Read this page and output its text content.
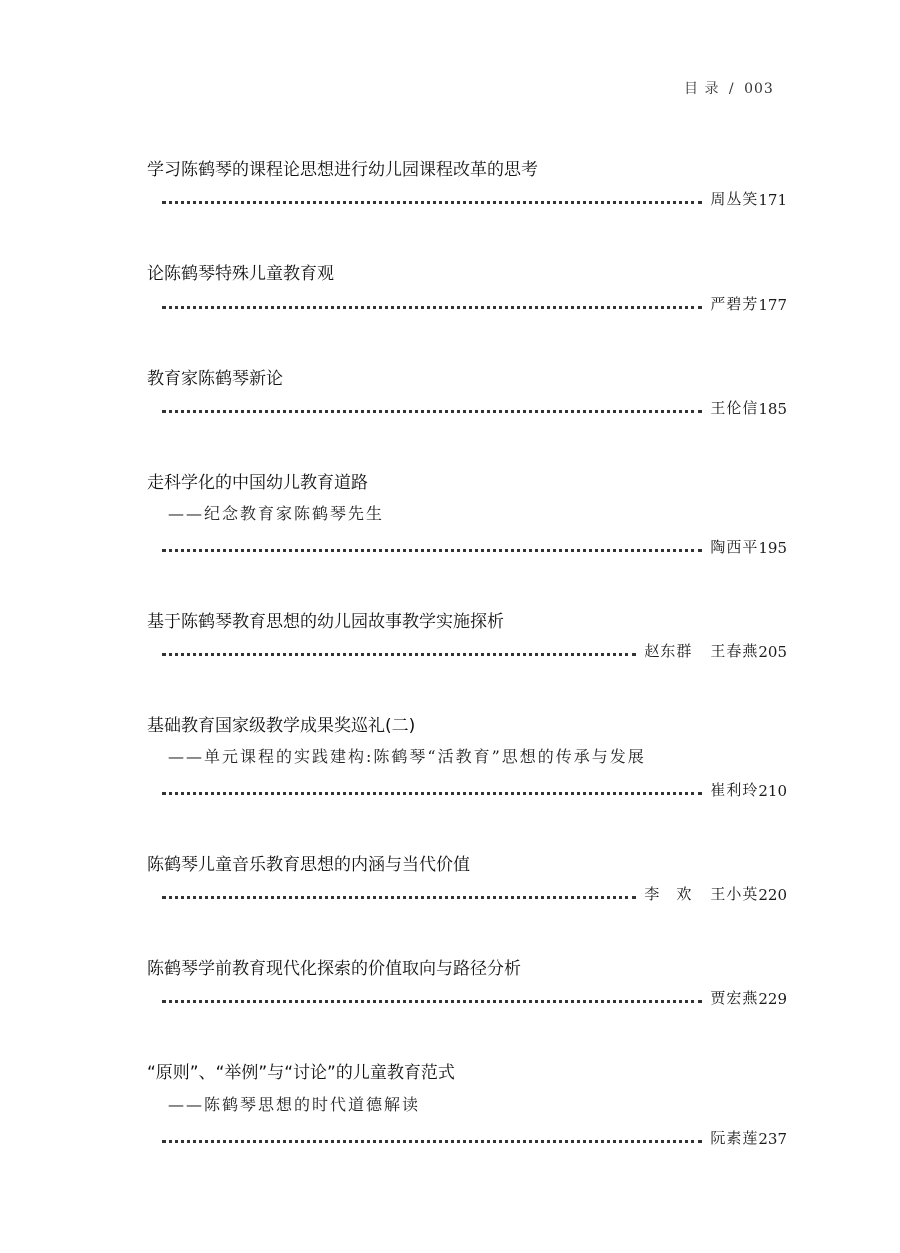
目 录 / 003
学习陈鹤琴的课程论思想进行幼儿园课程改革的思考
周丛笑 171
论陈鹤琴特殊儿童教育观
严碧芳 177
教育家陈鹤琴新论
王伦信 185
走科学化的中国幼儿教育道路
——纪念教育家陈鹤琴先生
陶西平 195
基于陈鹤琴教育思想的幼儿园故事教学实施探析
赵东群 王春燕 205
基础教育国家级教学成果奖巡礼(二)
——单元课程的实践建构:陈鹤琴“活教育”思想的传承与发展
崔利玲 210
陈鹤琴儿童音乐教育思想的内涵与当代价值
李　欢 王小英 220
陈鹤琴学前教育现代化探索的价值取向与路径分析
贾宏燕 229
“原则”、“举例”与“讨论”的儿童教育范式
——陈鹤琴思想的时代道德解读
阮素莲 237
